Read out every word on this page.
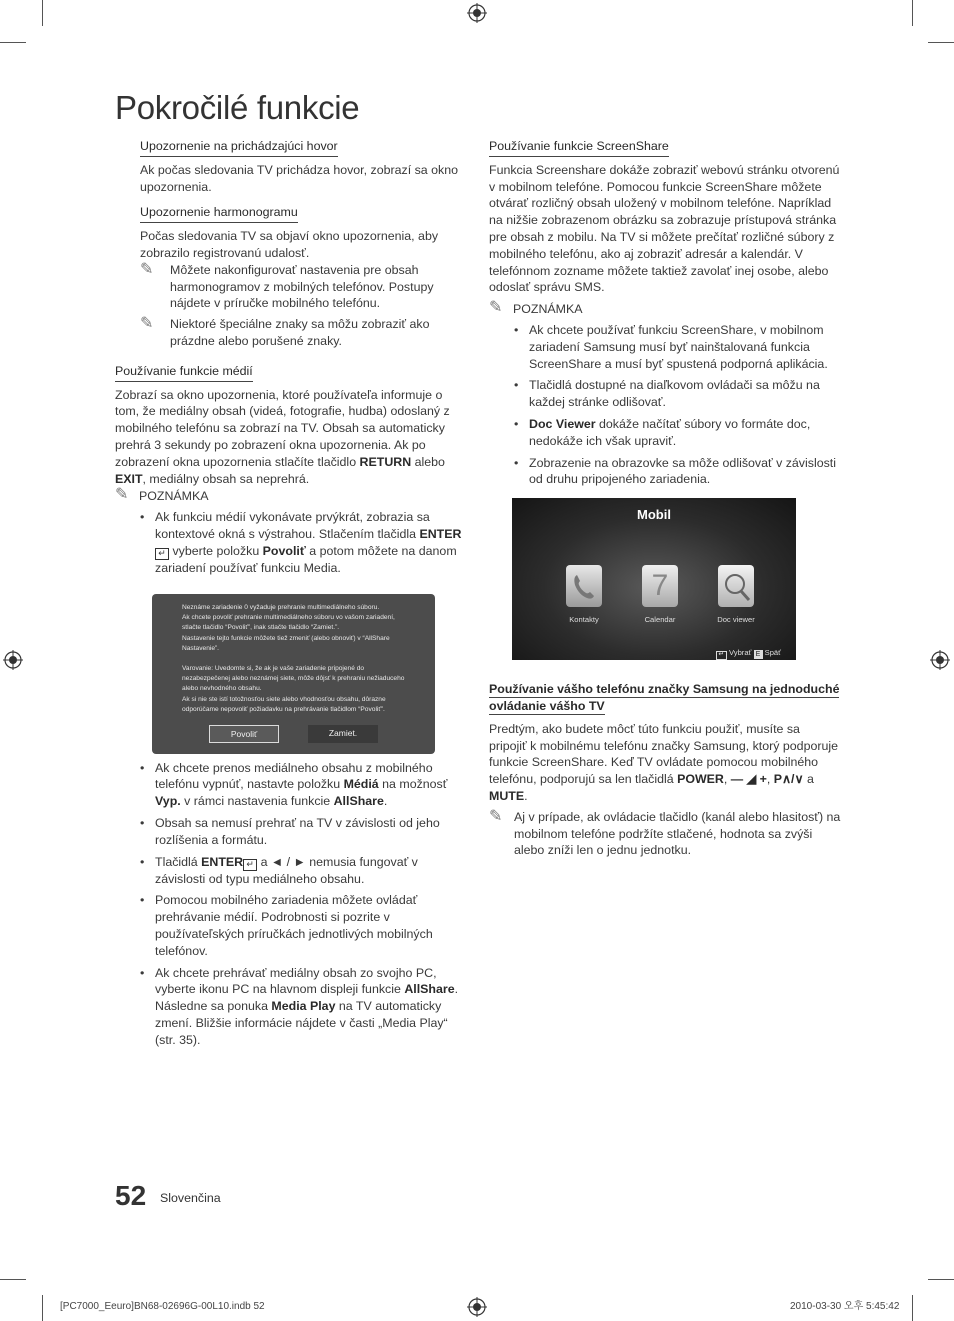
Pokročilé funkcie
Upozornenie na prichádzajúci hovor
Ak počas sledovania TV prichádza hovor, zobrazí sa okno upozornenia.
Upozornenie harmonogramu
Počas sledovania TV sa objaví okno upozornenia, aby zobrazilo registrovanú udalosť.
✎ Môžete nakonfigurovať nastavenia pre obsah harmonogramov z mobilných telefónov. Postupy nájdete v príručke mobilného telefónu.
✎ Niektoré špeciálne znaky sa môžu zobraziť ako prázdne alebo porušené znaky.
Používanie funkcie médií
Zobrazí sa okno upozornenia, ktoré používateľa informuje o tom, že mediálny obsah (videá, fotografie, hudba) odoslaný z mobilného telefónu sa zobrazí na TV. Obsah sa automaticky prehrá 3 sekundy po zobrazení okna upozornenia. Ak po zobrazení okna upozornenia stlačíte tlačidlo RETURN alebo EXIT, mediálny obsah sa neprehrá.
✎ POZNÁMKA
• Ak funkciu médií vykonávate prvýkrát, zobrazia sa kontextové okná s výstrahou. Stlačením tlačidla ENTER↵ vyberte položku Povoliť a potom môžete na danom zariadení používať funkciu Media.
• Ak chcete prenos mediálneho obsahu z mobilného telefónu vypnúť, nastavte položku Médiá na možnosť Vyp. v rámci nastavenia funkcie AllShare.
• Obsah sa nemusí prehrať na TV v závislosti od jeho rozlíšenia a formátu.
• Tlačidlá ENTER ↵ a ◄ / ► nemusia fungovať v závislosti od typu mediálneho obsahu.
• Pomocou mobilného zariadenia môžete ovládať prehrávanie médií. Podrobnosti si pozrite v používateľských príručkách jednotlivých mobilných telefónov.
• Ak chcete prehrávať mediálny obsah zo svojho PC, vyberte ikonu PC na hlavnom displeji funkcie AllShare. Následne sa ponuka Media Play na TV automaticky zmení. Bližšie informácie nájdete v časti „Media Play“ (str. 35).
Neznáme zariadenie 0 vyžaduje prehranie multimediálneho súboru.
Ak chcete povoliť prehranie multimediálneho súboru vo vašom zariadení,
stlačte tlačidlo “Povoliť”, inak stlačte tlačidlo “Zamiet.”.
Nastavenie tejto funkcie môžete tiež zmeniť (alebo obnoviť) v “AllShare
Nastavenie”.
Varovanie: Uvedomte si, že ak je vaše zariadenie pripojené do
nezabezpečenej alebo neznámej siete, môže dôjsť k prehraniu nežiaduceho
alebo nevhodného obsahu.
Ak si nie ste istí totožnosťou siete alebo vhodnosťou obsahu, dôrazne
odporúčame nepovoliť požiadavku na prehrávanie tlačidlom “Povoliť”.
Povoliť	Zamiet.
Používanie funkcie ScreenShare
Funkcia Screenshare dokáže zobraziť webovú stránku otvorenú v mobilnom telefóne. Pomocou funkcie ScreenShare môžete otvárať rozličný obsah uložený v mobilnom telefóne. Napríklad na nižšie zobrazenom obrázku sa zobrazuje prístupová stránka pre obsah z mobilu. Na TV si môžete prečítať rozličné súbory z mobilného telefónu, ako aj zobraziť adresár a kalendár. V telefónnom zozname môžete taktiež zavolať inej osobe, alebo odoslať správu SMS.
✎ POZNÁMKA
• Ak chcete používať funkciu ScreenShare, v mobilnom zariadení Samsung musí byť nainštalovaná funkcia ScreenShare a musí byť spustená podporná aplikácia.
• Tlačidlá dostupné na diaľkovom ovládači sa môžu na každej stránke odlišovať.
• Doc Viewer dokáže načítať súbory vo formáte doc, nedokáže ich však upraviť.
• Zobrazenie na obrazovke sa môže odlišovať v závislosti od druhu pripojeného zariadenia.
Používanie vášho telefónu značky Samsung na jednoduché ovládanie vášho TV
Predtým, ako budete môcť túto funkciu použiť, musíte sa pripojiť k mobilnému telefónu značky Samsung, ktorý podporuje funkcie ScreenShare. Keď TV ovládate pomocou mobilného telefónu, podporujú sa len tlačidlá POWER, — ◢ +, P∧/∨ a MUTE.
✎ Aj v prípade, ak ovládacie tlačidlo (kanál alebo hlasitosť) na mobilnom telefóne podržíte stlačené, hodnota sa zvýši alebo zníži len o jednu jednotku.
Mobil
7
Kontakty	Calendar	Doc viewer
↵ Vybrať E Späť
52 Slovenčina
[PC7000_Eeuro]BN68-02696G-00L10.indb 52	2010-03-30 오후 5:45:42
